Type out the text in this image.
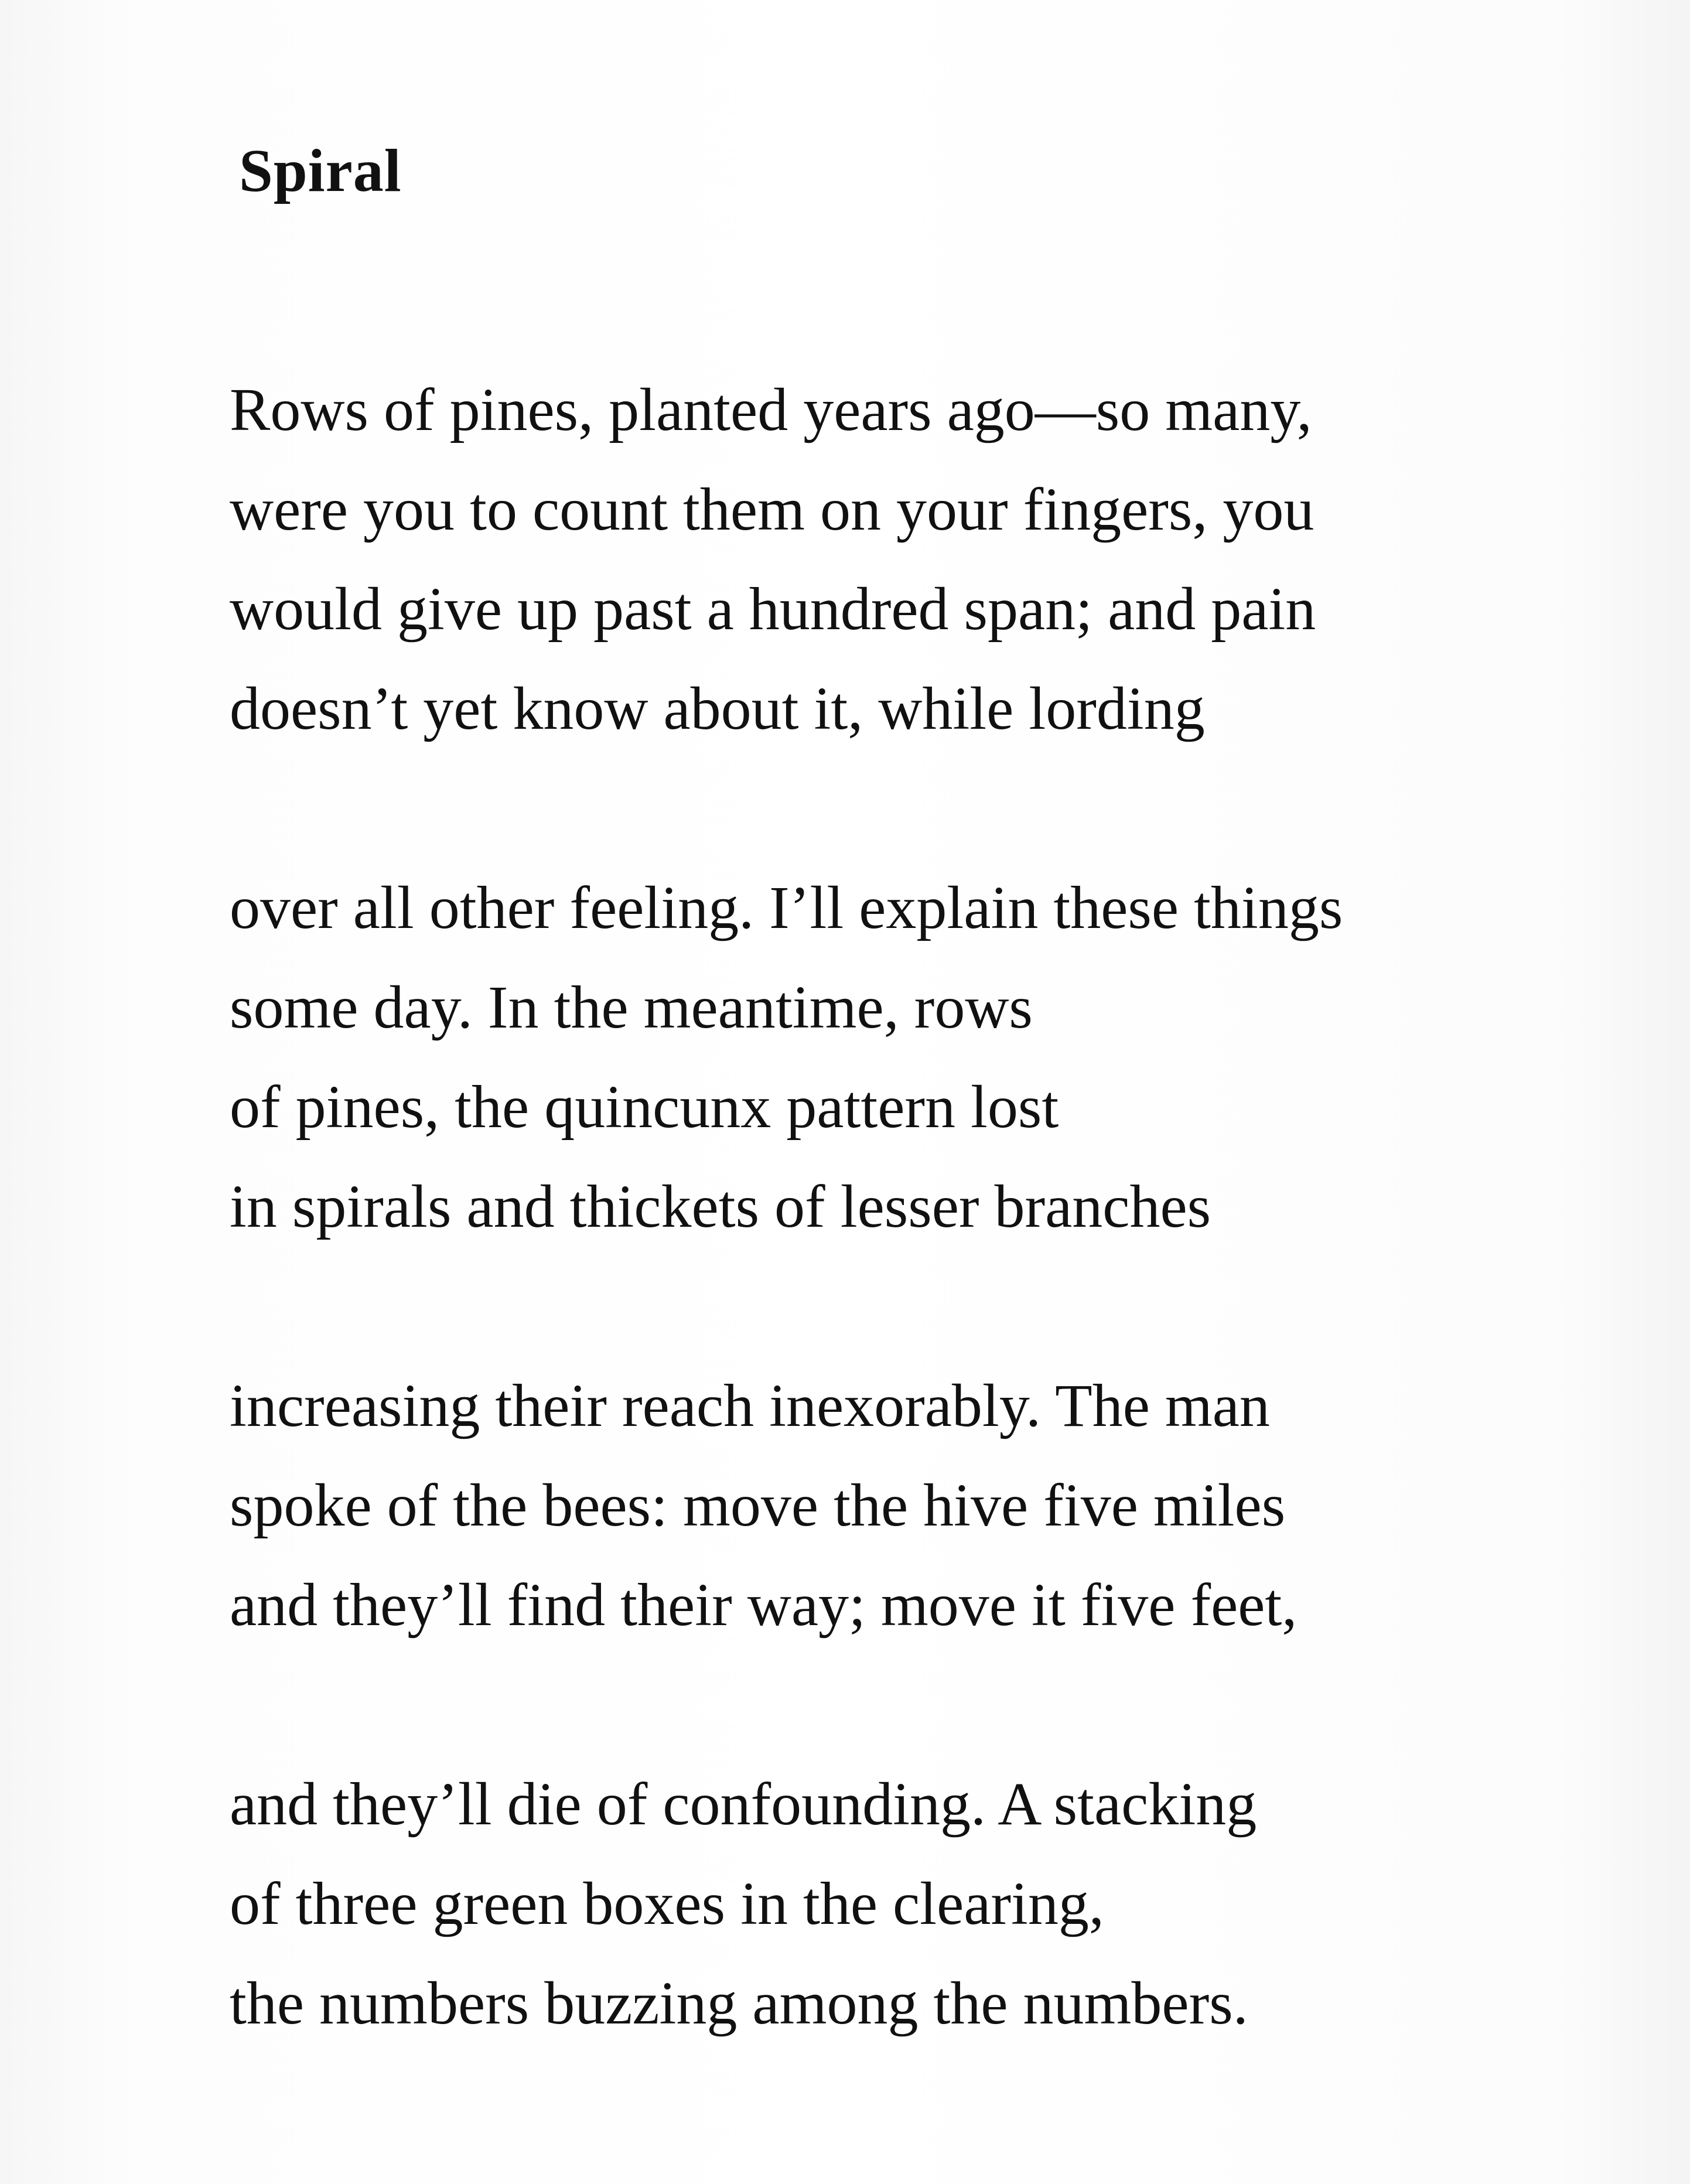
Spiral
Rows of pines, planted years ago—so many,
were you to count them on your fingers, you
would give up past a hundred span; and pain
doesn’t yet know about it, while lording
over all other feeling. I’ll explain these things
some day. In the meantime, rows
of pines, the quincunx pattern lost
in spirals and thickets of lesser branches
increasing their reach inexorably. The man
spoke of the bees: move the hive five miles
and they’ll find their way; move it five feet,
and they’ll die of confounding. A stacking
of three green boxes in the clearing,
the numbers buzzing among the numbers.
